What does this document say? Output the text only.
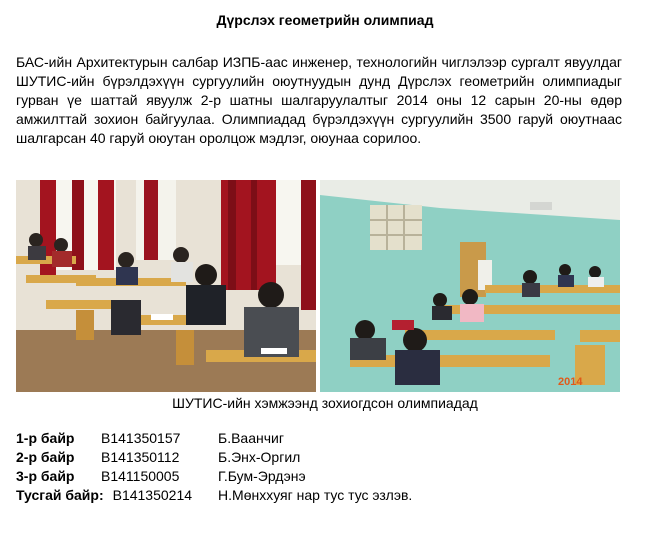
Дүрслэх геометрийн олимпиад
БАС-ийн Архитектурын салбар ИЗПБ-аас инженер, технологийн чиглэлээр сургалт явуулдаг ШУТИС-ийн бүрэлдэхүүн сургуулийн оюутнуудын дунд Дүрслэх геометрийн олимпиадыг гурван үе шаттай явуулж 2-р шатны шалгаруулалтыг 2014 оны 12 сарын 20-ны өдөр амжилттай зохион байгуулаа. Олимпиадад бүрэлдэхүүн сургуулийн 3500 гаруй оюутнаас шалгарсан 40 гаруй оюутан оролцож мэдлэг, оюунаа сорилоо.
2014
ШУТИС-ийн хэмжээнд зохиогдсон олимпиадад
1-р байр	B141350157	Б.Ваанчиг
2-р байр	B141350112	Б.Энх-Оргил
3-р байр	B141150005	Г.Бум-Эрдэнэ
Тусгай байр: B141350214 Н.Мөнххуяг нар тус тус эзлэв.
